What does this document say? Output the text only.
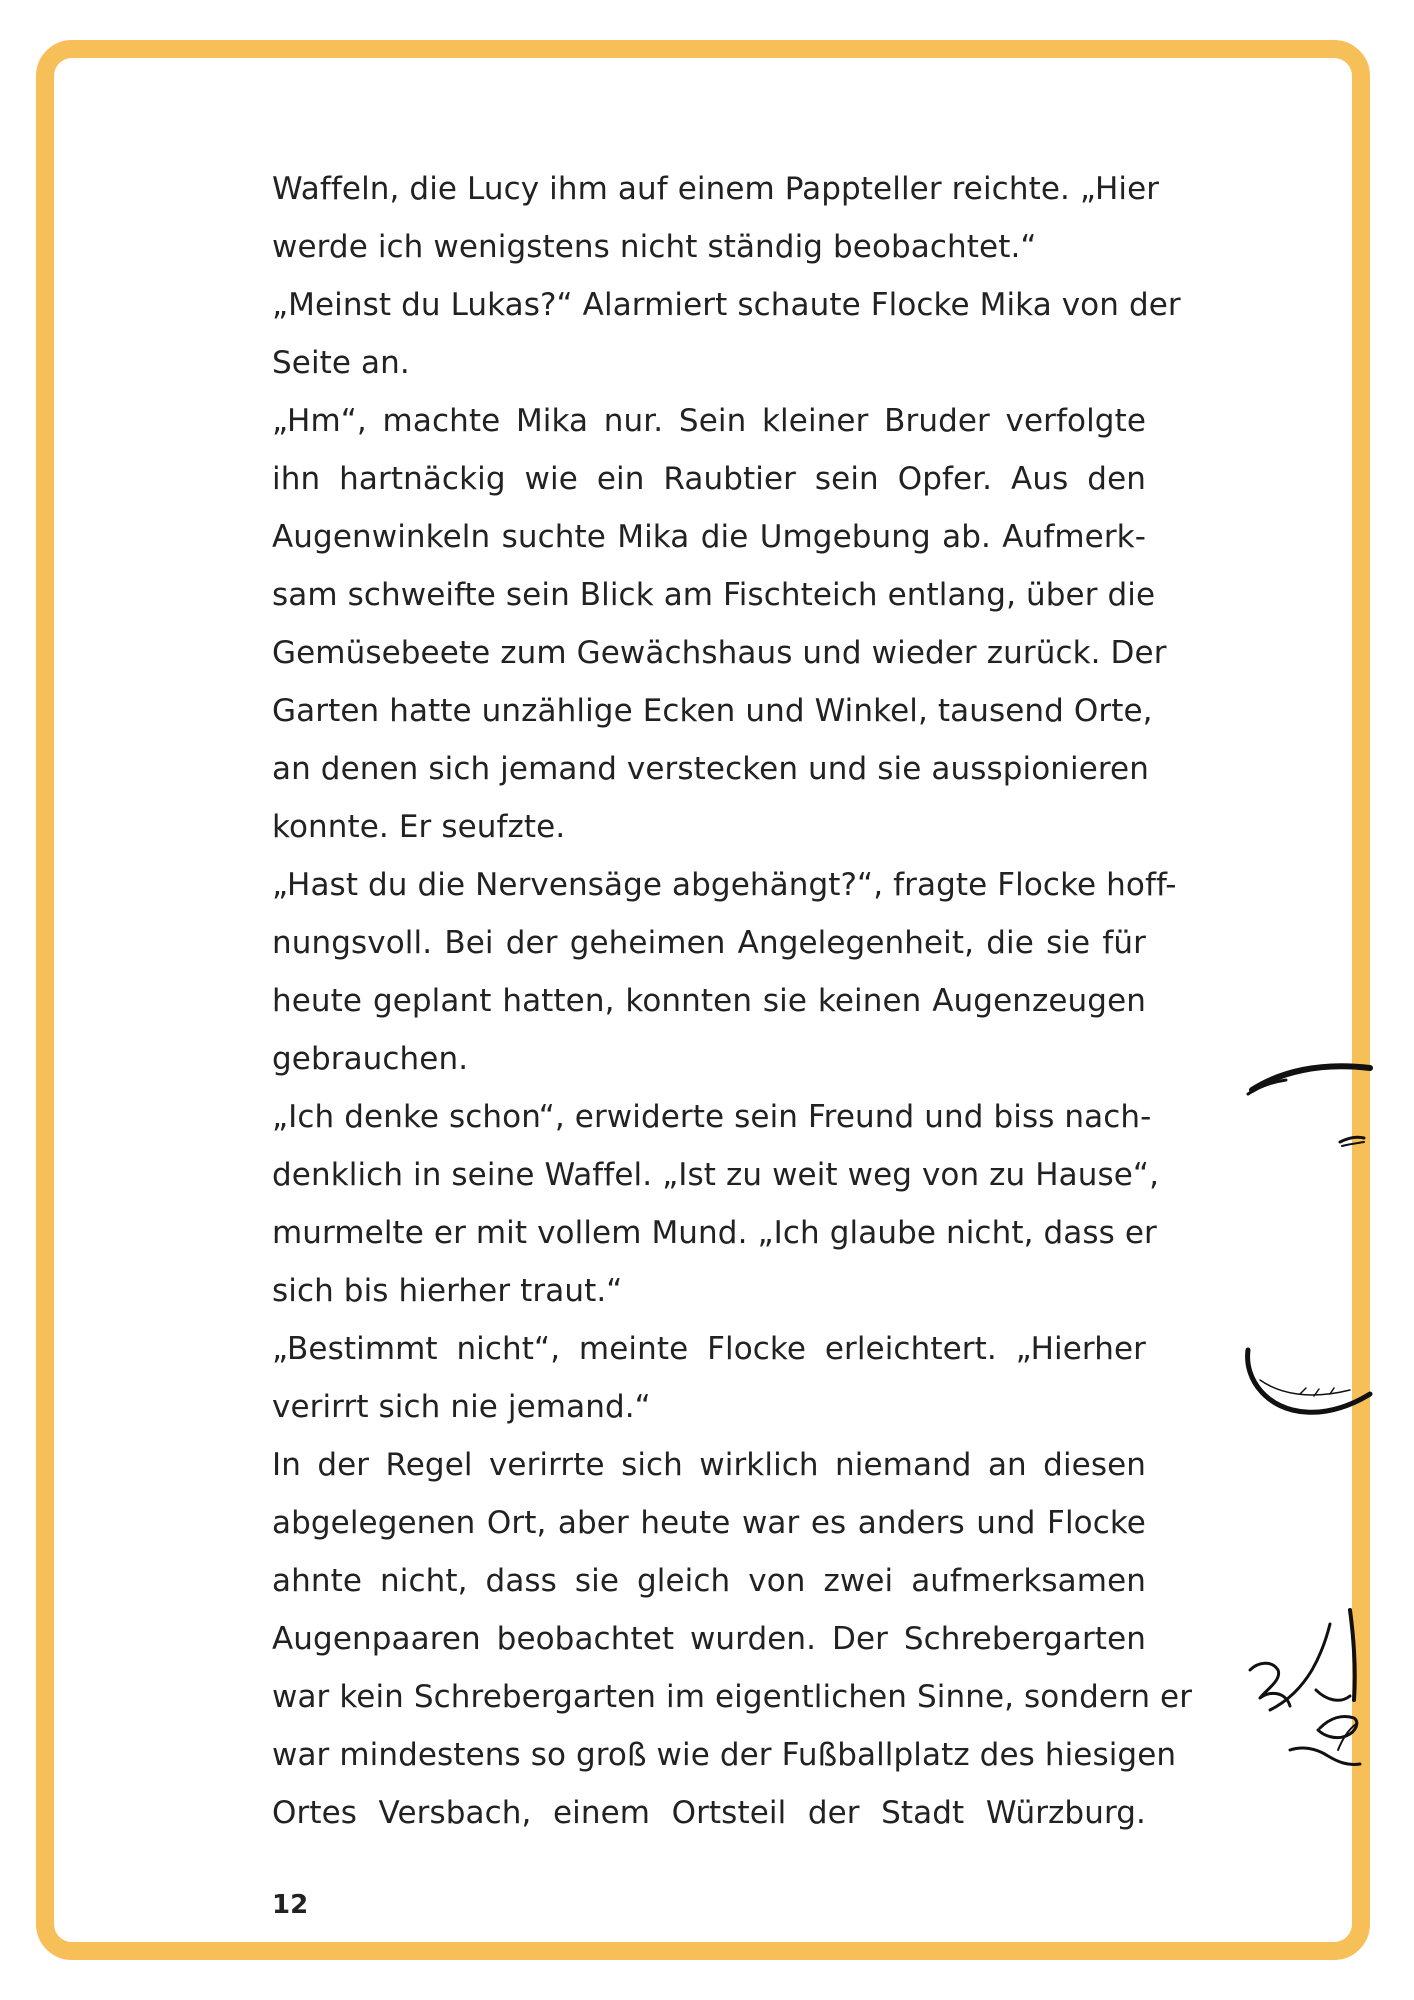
Waffeln, die Lucy ihm auf einem Pappteller reichte. „Hier
werde ich wenigstens nicht ständig beobachtet.“
„Meinst du Lukas?“ Alarmiert schaute Flocke Mika von der
Seite an.
„Hm“, machte Mika nur. Sein kleiner Bruder verfolgte
ihn hartnäckig wie ein Raubtier sein Opfer. Aus den
Augenwinkeln suchte Mika die Umgebung ab. Aufmerk-
sam schweifte sein Blick am Fischteich entlang, über die
Gemüsebeete zum Gewächshaus und wieder zurück. Der
Garten hatte unzählige Ecken und Winkel, tausend Orte,
an denen sich jemand verstecken und sie ausspionieren
konnte. Er seufzte.
„Hast du die Nervensäge abgehängt?“, fragte Flocke hoff-
nungsvoll. Bei der geheimen Angelegenheit, die sie für
heute geplant hatten, konnten sie keinen Augenzeugen
gebrauchen.
„Ich denke schon“, erwiderte sein Freund und biss nach-
denklich in seine Waffel. „Ist zu weit weg von zu Hause“,
murmelte er mit vollem Mund. „Ich glaube nicht, dass er
sich bis hierher traut.“
„Bestimmt nicht“, meinte Flocke erleichtert. „Hierher
verirrt sich nie jemand.“
In der Regel verirrte sich wirklich niemand an diesen
abgelegenen Ort, aber heute war es anders und Flocke
ahnte nicht, dass sie gleich von zwei aufmerksamen
Augenpaaren beobachtet wurden. Der Schrebergarten
war kein Schrebergarten im eigentlichen Sinne, sondern er
war mindestens so groß wie der Fußballplatz des hiesigen
Ortes Versbach, einem Ortsteil der Stadt Würzburg.
12
